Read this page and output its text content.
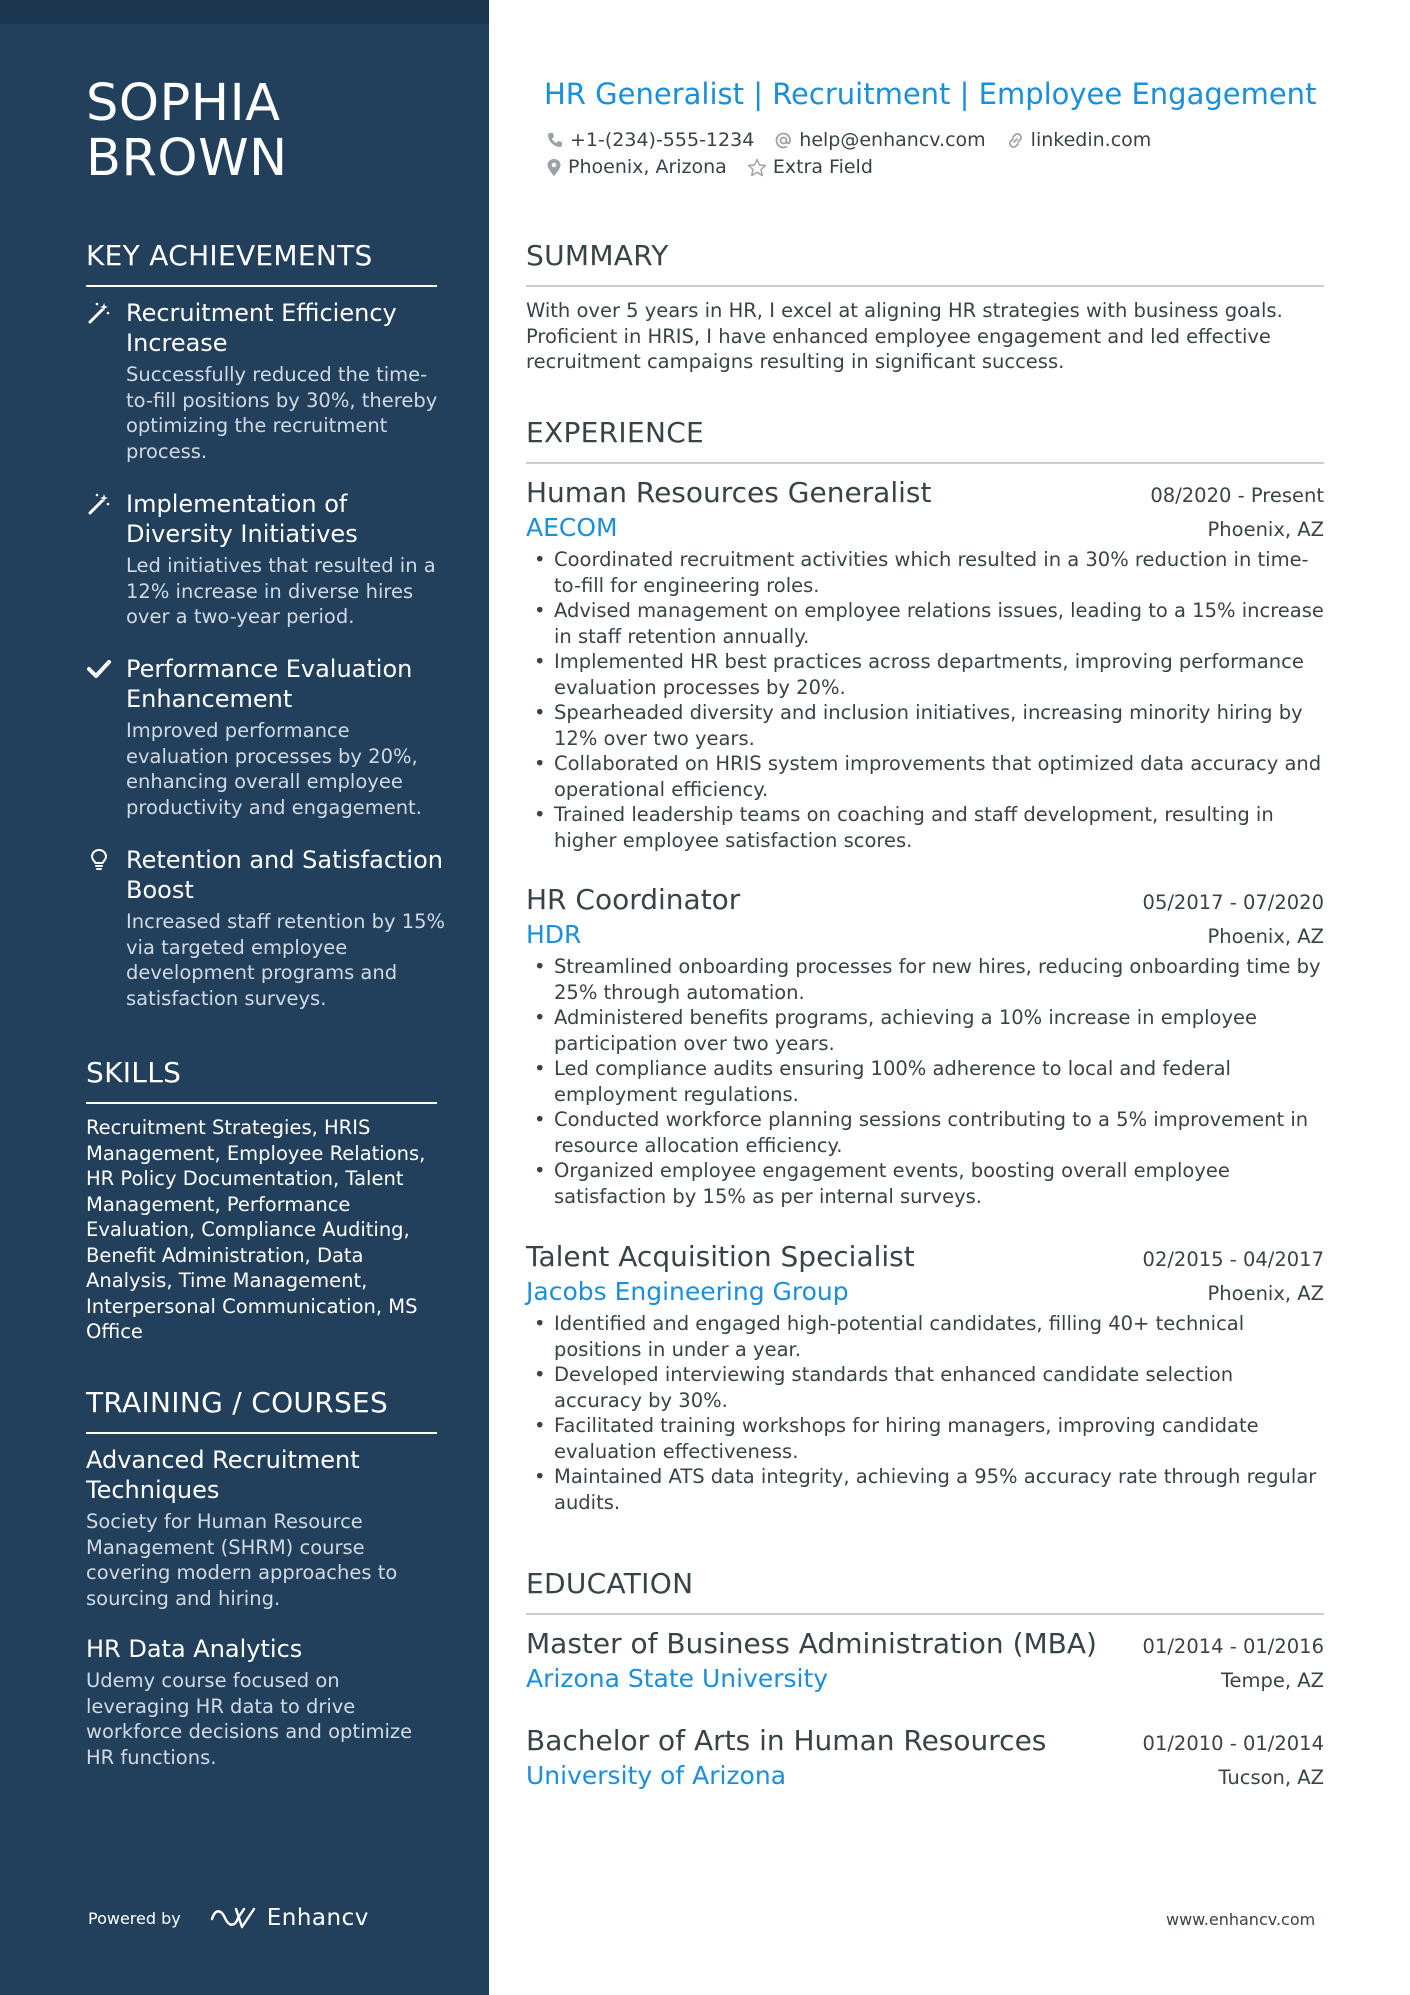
SOPHIA
BROWN
KEY ACHIEVEMENTS
Recruitment Efficiency Increase
Successfully reduced the time-to-fill positions by 30%, thereby optimizing the recruitment process.
Implementation of Diversity Initiatives
Led initiatives that resulted in a 12% increase in diverse hires over a two-year period.
Performance Evaluation Enhancement
Improved performance evaluation processes by 20%, enhancing overall employee productivity and engagement.
Retention and Satisfaction Boost
Increased staff retention by 15% via targeted employee development programs and satisfaction surveys.
SKILLS
Recruitment Strategies, HRIS Management, Employee Relations, HR Policy Documentation, Talent Management, Performance Evaluation, Compliance Auditing, Benefit Administration, Data Analysis, Time Management, Interpersonal Communication, MS Office
TRAINING / COURSES
Advanced Recruitment Techniques
Society for Human Resource Management (SHRM) course covering modern approaches to sourcing and hiring.
HR Data Analytics
Udemy course focused on leveraging HR data to drive workforce decisions and optimize HR functions.
Powered by	Enhancv
HR Generalist | Recruitment | Employee Engagement
+1-(234)-555-1234 help@enhancv.com linkedin.com
Phoenix, Arizona Extra Field
SUMMARY
With over 5 years in HR, I excel at aligning HR strategies with business goals. Proficient in HRIS, I have enhanced employee engagement and led effective recruitment campaigns resulting in significant success.
EXPERIENCE
Human Resources Generalist	08/2020 - Present
AECOM	Phoenix, AZ
• Coordinated recruitment activities which resulted in a 30% reduction in time-to-fill for engineering roles.
• Advised management on employee relations issues, leading to a 15% increase in staff retention annually.
• Implemented HR best practices across departments, improving performance evaluation processes by 20%.
• Spearheaded diversity and inclusion initiatives, increasing minority hiring by 12% over two years.
• Collaborated on HRIS system improvements that optimized data accuracy and operational efficiency.
• Trained leadership teams on coaching and staff development, resulting in higher employee satisfaction scores.
HR Coordinator	05/2017 - 07/2020
HDR	Phoenix, AZ
• Streamlined onboarding processes for new hires, reducing onboarding time by 25% through automation.
• Administered benefits programs, achieving a 10% increase in employee participation over two years.
• Led compliance audits ensuring 100% adherence to local and federal employment regulations.
• Conducted workforce planning sessions contributing to a 5% improvement in resource allocation efficiency.
• Organized employee engagement events, boosting overall employee satisfaction by 15% as per internal surveys.
Talent Acquisition Specialist	02/2015 - 04/2017
Jacobs Engineering Group	Phoenix, AZ
• Identified and engaged high-potential candidates, filling 40+ technical positions in under a year.
• Developed interviewing standards that enhanced candidate selection accuracy by 30%.
• Facilitated training workshops for hiring managers, improving candidate evaluation effectiveness.
• Maintained ATS data integrity, achieving a 95% accuracy rate through regular audits.
EDUCATION
Master of Business Administration (MBA) 01/2014 - 01/2016
Arizona State University	Tempe, AZ
Bachelor of Arts in Human Resources	01/2010 - 01/2014
University of Arizona	Tucson, AZ
www.enhancv.com
